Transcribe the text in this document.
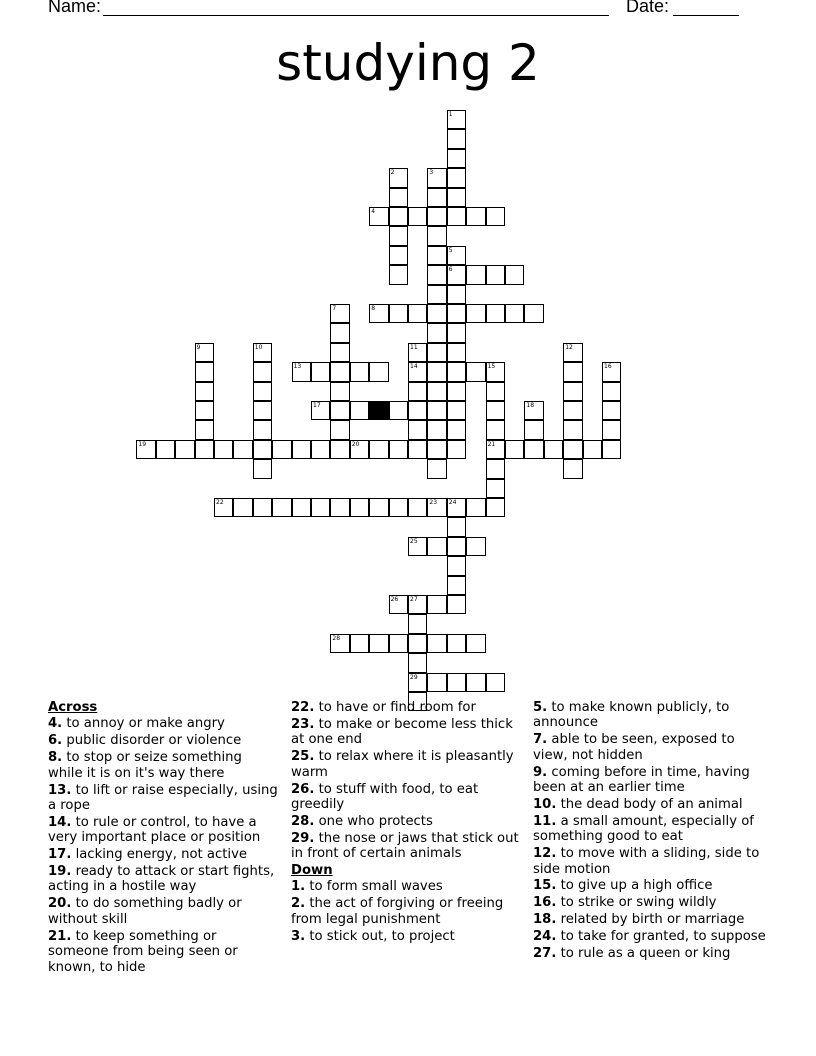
Name:	Date:
studying 2
4
6
8
13	14	15
17
19	20	21
22	23 24
25
26 27
28
29
1
2	3
5
7
9	10	11	12
16
18
Across
4. to annoy or make angry
6. public disorder or violence
8. to stop or seize something while it is on it's way there
13. to lift or raise especially, using a rope
14. to rule or control, to have a very important place or position
17. lacking energy, not active
19. ready to attack or start fights, acting in a hostile way
20. to do something badly or without skill
21. to keep something or someone from being seen or known, to hide
22. to have or find room for
23. to make or become less thick at one end
25. to relax where it is pleasantly warm
26. to stuff with food, to eat greedily
28. one who protects
29. the nose or jaws that stick out in front of certain animals
Down
1. to form small waves
2. the act of forgiving or freeing from legal punishment
3. to stick out, to project
5. to make known publicly, to announce
7. able to be seen, exposed to view, not hidden
9. coming before in time, having been at an earlier time
10. the dead body of an animal
11. a small amount, especially of something good to eat
12. to move with a sliding, side to side motion
15. to give up a high office
16. to strike or swing wildly
18. related by birth or marriage
24. to take for granted, to suppose
27. to rule as a queen or king
